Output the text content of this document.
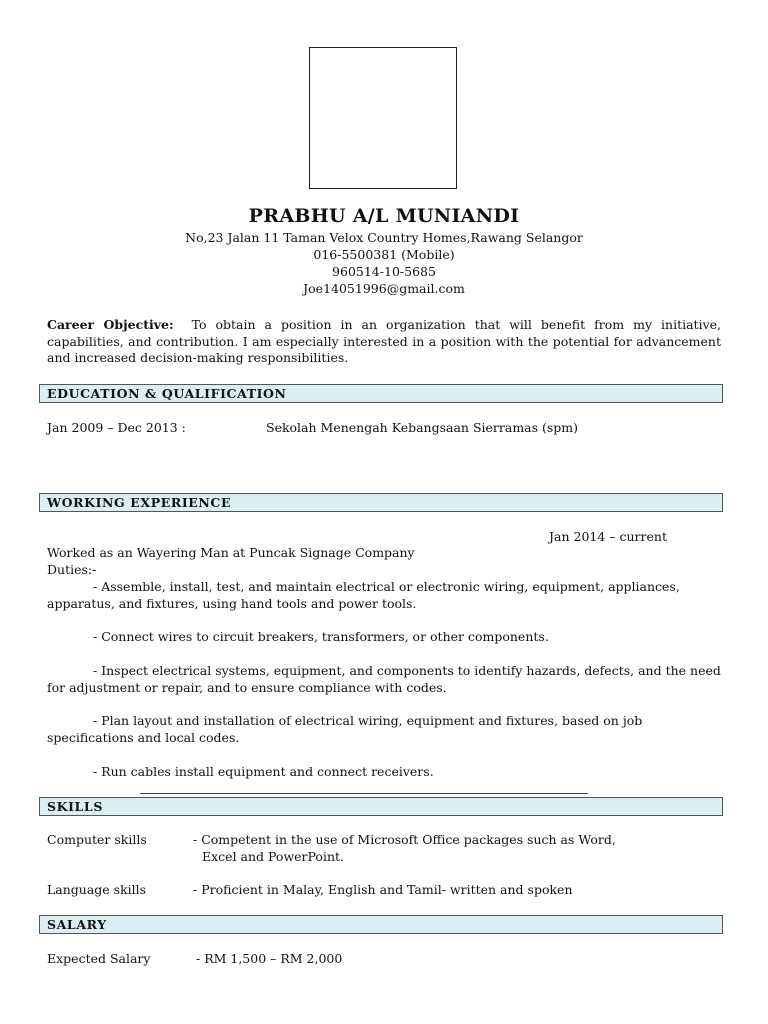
PRABHU A/L MUNIANDI
No,23 Jalan 11 Taman Velox Country Homes,Rawang Selangor
016-5500381 (Mobile)
960514-10-5685
Joe14051996@gmail.com
Career Objective: To obtain a position in an organization that will benefit from my initiative, capabilities, and contribution. I am especially interested in a position with the potential for advancement and increased decision-making responsibilities.
EDUCATION & QUALIFICATION
Jan 2009 – Dec 2013 :	Sekolah Menengah Kebangsaan Sierramas (spm)
WORKING EXPERIENCE
Jan 2014 – current
Worked as an Wayering Man at Puncak Signage Company
Duties:-
- Assemble, install, test, and maintain electrical or electronic wiring, equipment, appliances, apparatus, and fixtures, using hand tools and power tools.
- Connect wires to circuit breakers, transformers, or other components.
- Inspect electrical systems, equipment, and components to identify hazards, defects, and the need for adjustment or repair, and to ensure compliance with codes.
- Plan layout and installation of electrical wiring, equipment and fixtures, based on job specifications and local codes.
- Run cables install equipment and connect receivers.
SKILLS
Computer skills	- Competent in the use of Microsoft Office packages such as Word,
Excel and PowerPoint.
Language skills	- Proficient in Malay, English and Tamil- written and spoken
SALARY
Expected Salary	- RM 1,500 – RM 2,000
